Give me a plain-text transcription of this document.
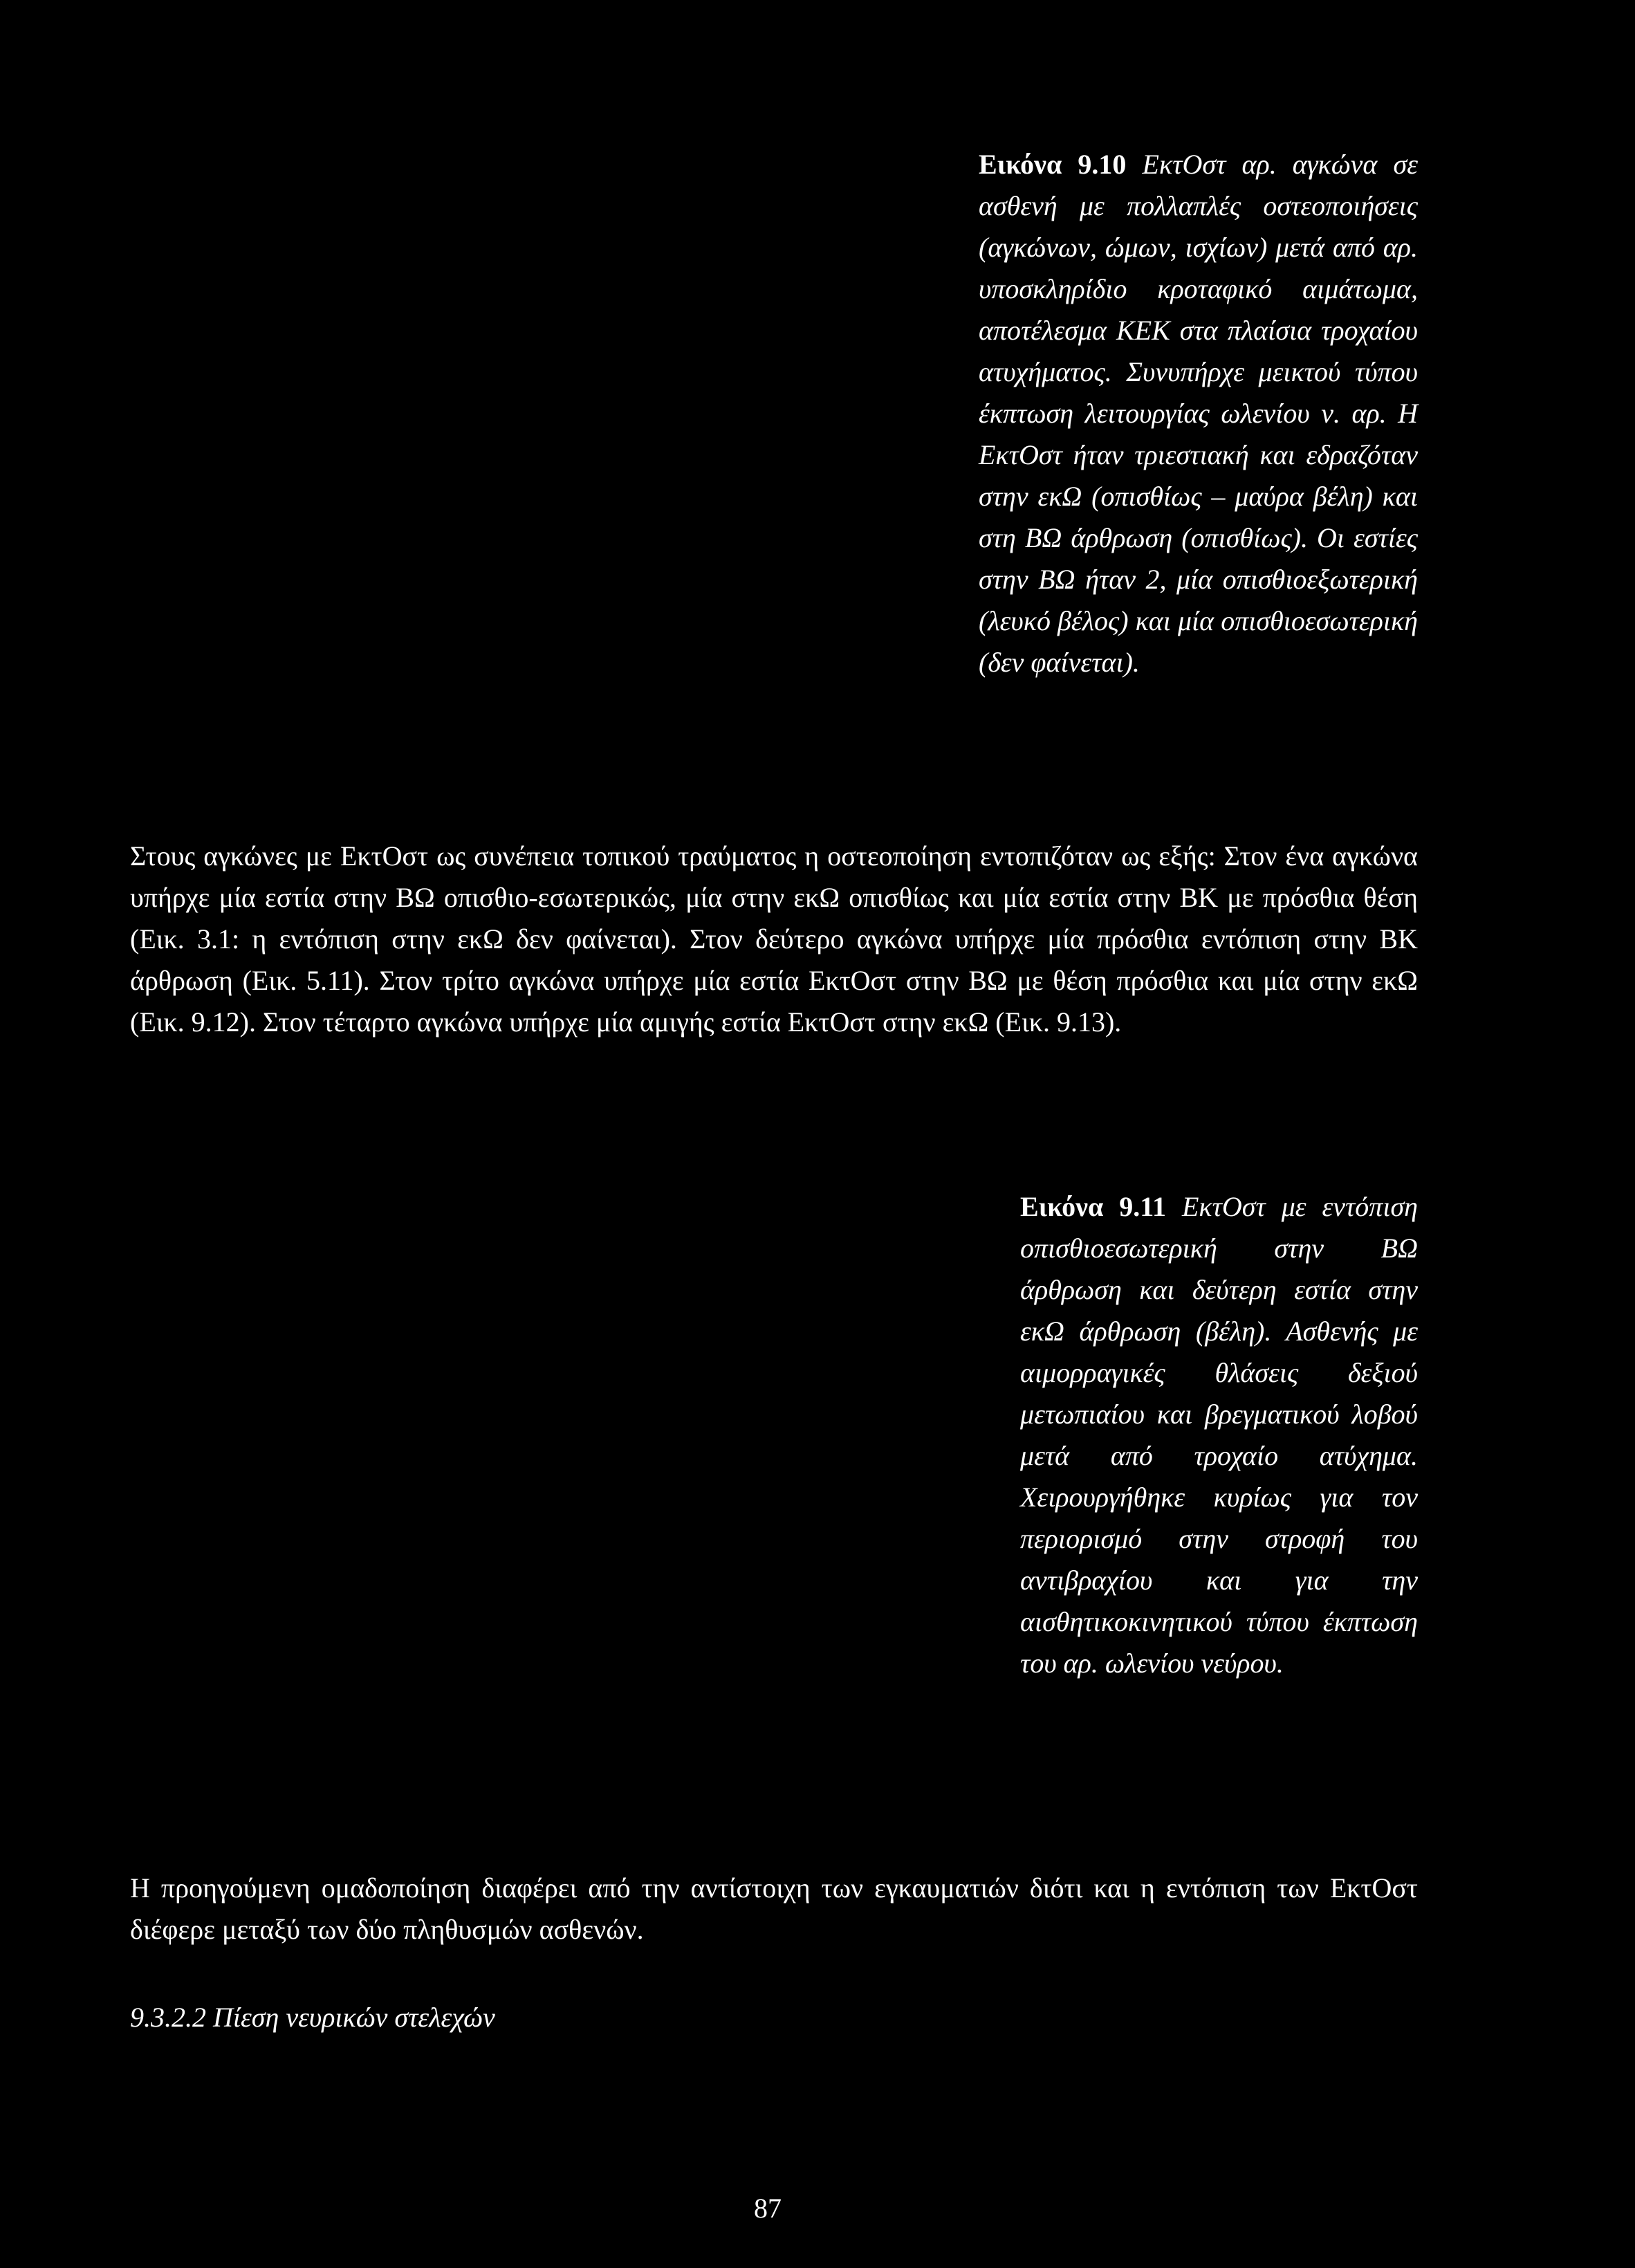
Εικόνα 9.10 ΕκτΟστ αρ. αγκώνα σε ασθενή με πολλαπλές οστεοποιήσεις (αγκώνων, ώμων, ισχίων) μετά από αρ. υποσκληρίδιο κροταφικό αιμάτωμα, αποτέλεσμα ΚΕΚ στα πλαίσια τροχαίου ατυχήματος. Συνυπήρχε μεικτού τύπου έκπτωση λειτουργίας ωλενίου ν. αρ. Η ΕκτΟστ ήταν τριεστιακή και εδραζόταν στην εκΩ (οπισθίως – μαύρα βέλη) και στη ΒΩ άρθρωση (οπισθίως). Οι εστίες στην ΒΩ ήταν 2, μία οπισθιοεξωτερική (λευκό βέλος) και μία οπισθιοεσωτερική (δεν φαίνεται).
Στους αγκώνες με ΕκτΟστ ως συνέπεια τοπικού τραύματος η οστεοποίηση εντοπιζόταν ως εξής: Στον ένα αγκώνα υπήρχε μία εστία στην ΒΩ οπισθιο-εσωτερικώς, μία στην εκΩ οπισθίως και μία εστία στην ΒΚ με πρόσθια θέση (Εικ. 3.1: η εντόπιση στην εκΩ δεν φαίνεται). Στον δεύτερο αγκώνα υπήρχε μία πρόσθια εντόπιση στην ΒΚ άρθρωση (Εικ. 5.11). Στον τρίτο αγκώνα υπήρχε μία εστία ΕκτΟστ στην ΒΩ με θέση πρόσθια και μία στην εκΩ (Εικ. 9.12). Στον τέταρτο αγκώνα υπήρχε μία αμιγής εστία ΕκτΟστ στην εκΩ (Εικ. 9.13).
Εικόνα 9.11 ΕκτΟστ με εντόπιση οπισθιοεσωτερική στην ΒΩ άρθρωση και δεύτερη εστία στην εκΩ άρθρωση (βέλη). Ασθενής με αιμορραγικές θλάσεις δεξιού μετωπιαίου και βρεγματικού λοβού μετά από τροχαίο ατύχημα. Χειρουργήθηκε κυρίως για τον περιορισμό στην στροφή του αντιβραχίου και για την αισθητικοκινητικού τύπου έκπτωση του αρ. ωλενίου νεύρου.
Η προηγούμενη ομαδοποίηση διαφέρει από την αντίστοιχη των εγκαυματιών διότι και η εντόπιση των ΕκτΟστ διέφερε μεταξύ των δύο πληθυσμών ασθενών.
9.3.2.2 Πίεση νευρικών στελεχών
87
